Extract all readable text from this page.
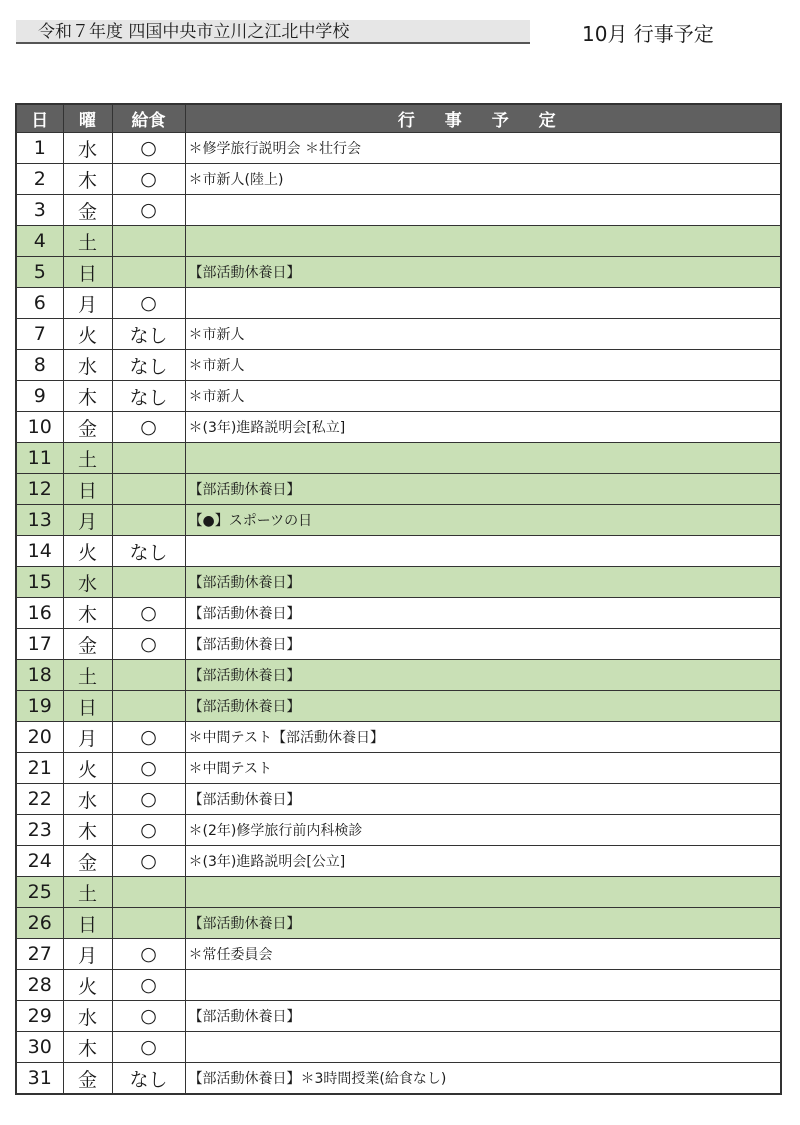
令和７年度 四国中央市立川之江北中学校	10月 行事予定
日	曜	給食	行 事 予 定
1	水	○	＊修学旅行説明会 ＊壮行会
2	木	○	＊市新人(陸上)
3	金	○	
4	土		
5	日		【部活動休養日】
6	月	○	
7	火	なし	＊市新人
8	水	なし	＊市新人
9	木	なし	＊市新人
10	金	○	＊(3年)進路説明会[私立]
11	土		
12	日		【部活動休養日】
13	月		【●】スポーツの日
14	火	なし	
15	水		【部活動休養日】
16	木	○	【部活動休養日】
17	金	○	【部活動休養日】
18	土		【部活動休養日】
19	日		【部活動休養日】
20	月	○	＊中間テスト【部活動休養日】
21	火	○	＊中間テスト
22	水	○	【部活動休養日】
23	木	○	＊(2年)修学旅行前内科検診
24	金	○	＊(3年)進路説明会[公立]
25	土		
26	日		【部活動休養日】
27	月	○	＊常任委員会
28	火	○	
29	水	○	【部活動休養日】
30	木	○	
31	金	なし	【部活動休養日】＊3時間授業(給食なし)
